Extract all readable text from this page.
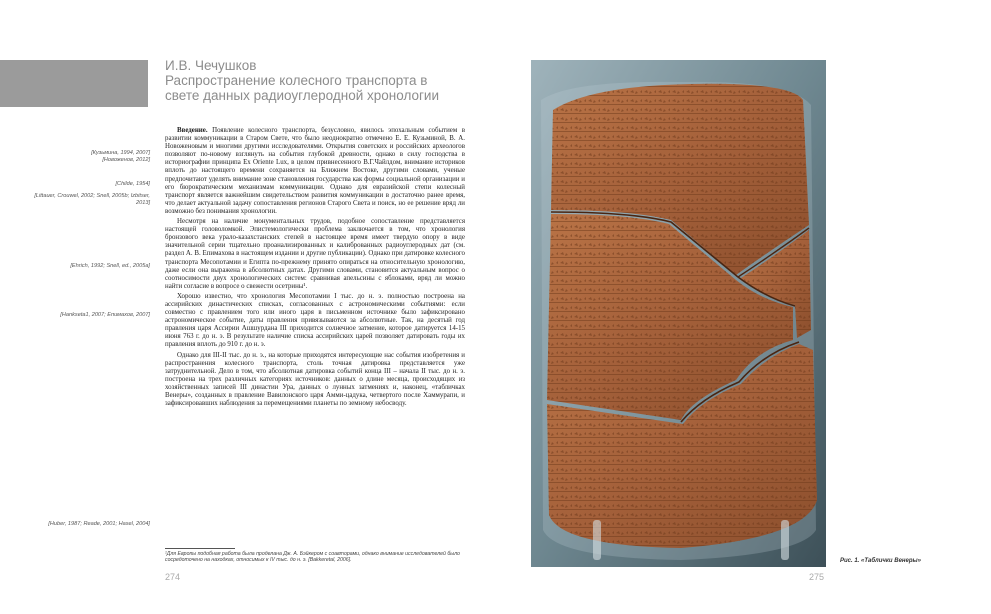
И.В. Чечушков
Распространение колесного транспорта в
свете данных радиоуглеродной хронологии
[Кузьмина, 1994, 2007]
[Новоженов, 2012]
[Childe, 1954]
[Littauer, Crouwel, 2002; Snell, 2005b; Izbitser,
2013]
[Ehrich, 1992; Snell, ed., 2005a]
[Hankseta1, 2007; Епимахов, 2007]
[Huber, 1987; Reade, 2001; Hasel, 2004]

Введение. Появление колесного транспорта, безусловно, явилось эпохальным событием в развитии коммуникации в Старом Свете, что было неоднократно отмечено Е. Е. Кузьминой, В. А. Новоженовым и многими другими исследователями. Открытия советских и российских археологов позволяют по-новому взглянуть на события глубокой древности, однако в силу господства в историографии принципа Ex Oriente Lux, в целом привнесенного В.Г.Чайлдом, внимание историков вплоть до настоящего времени сохраняется на Ближнем Востоке, другими словами, ученые предпочитают уделять внимание зоне становления государства как формы социальной организации и его бюрократическим механизмам коммуникации. Однако для евразийской степи колесный транспорт является важнейшим свидетельством развития коммуникации в достаточно ранее время, что делает актуальной задачу сопоставления регионов Старого Света и поиск, но ее решение вряд ли возможно без понимания хронологии.

Несмотря на наличие монументальных трудов, подобное сопоставление представляется настоящей головоломкой. Эпистемологически проблема заключается в том, что хронология бронзового века урало-казахстанских степей в настоящее время имеет твердую опору в виде значительной серии тщательно проанализированных и калиброванных радиоуглеродных дат (см. раздел А. В. Епимахова в настоящем издании и другие публикации). Однако при датировке колесного транспорта Месопотамии и Египта по-прежнему принято опираться на относительную хронологию, даже если она выражена в абсолютных датах. Другими словами, становится актуальным вопрос о соотносимости двух хронологических систем: сравнивая апельсины с яблоками, вряд ли можно найти согласие в вопросе о свежести осетрины¹.

Хорошо известно, что хронология Месопотамии I тыс. до н. э. полностью построена на ассирийских династических списках, согласованных с астрономическими событиями: если совместно с правлением того или иного царя в письменном источнике было зафиксировано астрономическое событие, даты правления привязываются за абсолютные. Так, на десятый год правления царя Ассирии Ашшурдана III приходится солнечное затмение, которое датируется 14-15 июня 763 г. до н. э. В результате наличие списка ассирийских царей позволяет датировать годы их правления вплоть до 910 г. до н. э.

Однако для III-II тыс. до н. э., на которые приходятся интересующие нас события изобретения и распространения колесного транспорта, столь точная датировка представляется уже затруднительной. Дело в том, что абсолютная датировка событий конца III – начала II тыс. до н. э. построена на трех различных категориях источников: данных о длине месяца, происходящих из хозяйственных записей III династии Ура, данных о лунных затмениях и, наконец, «табличках Венеры», созданных в правление Вавилонского царя Амми-цадука, четвертого после Хаммурапи, и зафиксировавших наблюдения за перемещениями планеты по земному небосводу.

¹Для Европы подобная работа была проделана Дж. А. Бэйкером с соавторами, однако внимание исследователей было сосредоточено на находках, относимых к IV тыс. до н. э. [Bakkeretal, 2006].
274	275
Рис. 1. «Таблички Венеры»
